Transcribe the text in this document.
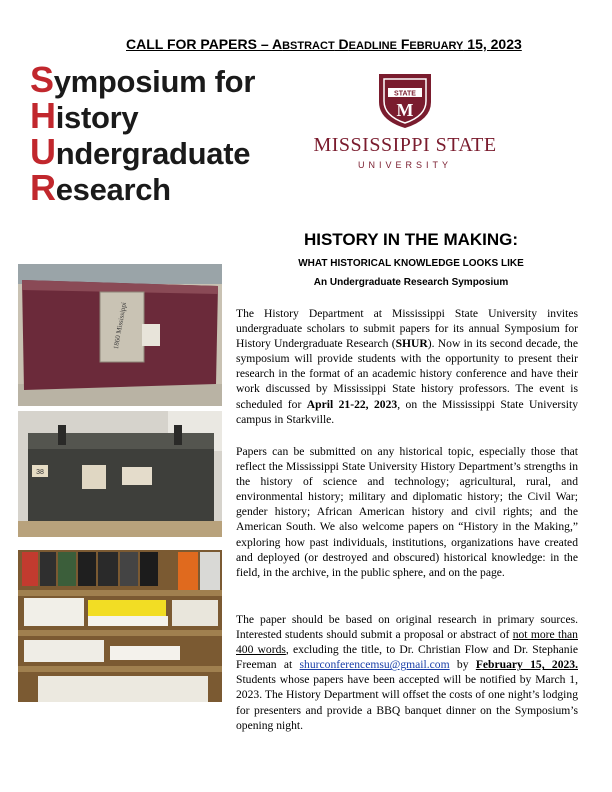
CALL FOR PAPERS – ABSTRACT DEADLINE FEBRUARY 15, 2023
Symposium for
History
Undergraduate
Research
STATE
M
MISSISSIPPI STATE
UNIVERSITY
1860 Mississippi
38
HISTORY IN THE MAKING:
WHAT HISTORICAL KNOWLEDGE LOOKS LIKE
An Undergraduate Research Symposium
The History Department at Mississippi State University invites undergraduate scholars to submit papers for its annual Symposium for History Undergraduate Research (SHUR). Now in its second decade, the symposium will provide students with the opportunity to present their research in the format of an academic history conference and have their work discussed by Mississippi State history professors. The event is scheduled for April 21-22, 2023, on the Mississippi State University campus in Starkville.
Papers can be submitted on any historical topic, especially those that reflect the Mississippi State University History Department’s strengths in the history of science and technology; agricultural, rural, and environmental history; military and diplomatic history; the Civil War; gender history; African American history and civil rights; and the American South. We also welcome papers on “History in the Making,” exploring how past individuals, institutions, organizations have created and deployed (or destroyed and obscured) historical knowledge: in the field, in the archive, in the public sphere, and on the page.
The paper should be based on original research in primary sources. Interested students should submit a proposal or abstract of not more than 400 words, excluding the title, to Dr. Christian Flow and Dr. Stephanie Freeman at shurconferencemsu@gmail.com by February 15, 2023. Students whose papers have been accepted will be notified by March 1, 2023. The History Department will offset the costs of one night’s lodging for presenters and provide a BBQ banquet dinner on the Symposium’s opening night.
